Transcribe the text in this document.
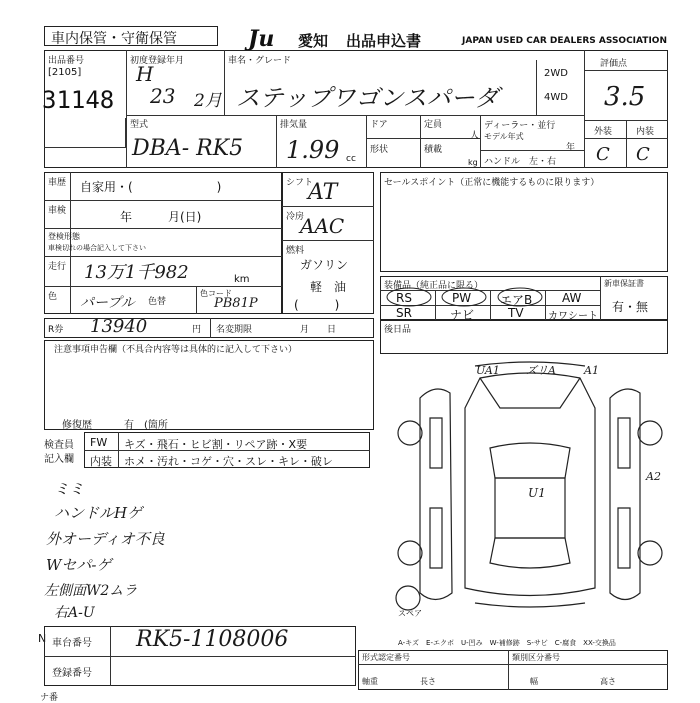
車内保管・守衛保管	Ju 愛知 出品申込書	JAPAN USED CAR DEALERS ASSOCIATION
出品番号
[2105]
31148
初度登録年月
H
23 2月
車名・グレード
ステップワゴンスパーダ
2WD
4WD
評価点
3.5
外装	内装
C C
型式
DBA- RK5
排気量
1.99 cc
ドア
形状
定員
人
積載
kg
ディーラー・並行
モデル年式
年
ハンドル　左・右
車歴 自家用・(　　　　　　　)
車検	年　　　月(日)
登検形態
車検切れの場合記入して下さい
走行 13万1千982	km
色 パープル 色替
色コード
PB81P
シフト
AT
冷房
AAC
燃料
ガソリン
軽　油
(　　　)
セールスポイント（正常に機能するものに限ります）
装備品（純正品に限る）	新車保証書
有・無
RS	PW エアB AW
SR	ナビ	TV カワシート
R券 13940	円 名変期限	月　　日	後日品
注意事項申告欄（不具合内容等は具体的に記入して下さい）
修復歴	有　(箇所
検査員
記入欄
FW キズ・飛石・ヒビ割・リペア跡・X要
内装 ホメ・汚れ・コゲ・穴・スレ・キレ・破レ
ミミ
ハンドルHゲ
外オーディオ不良
Wセパ-ゲ
左側面W2ムラ
右A-U
UA1 ズリA	A1
A2
U1
スペア
A-キズ　E-エクボ　U-凹み　W-補修跡　S-サビ　C-腐食　XX-交換品
N 車台番号 RK5-1108006
登録番号
形式認定番号	類別区分番号
軸重	長さ	幅	高さ
ナ番
